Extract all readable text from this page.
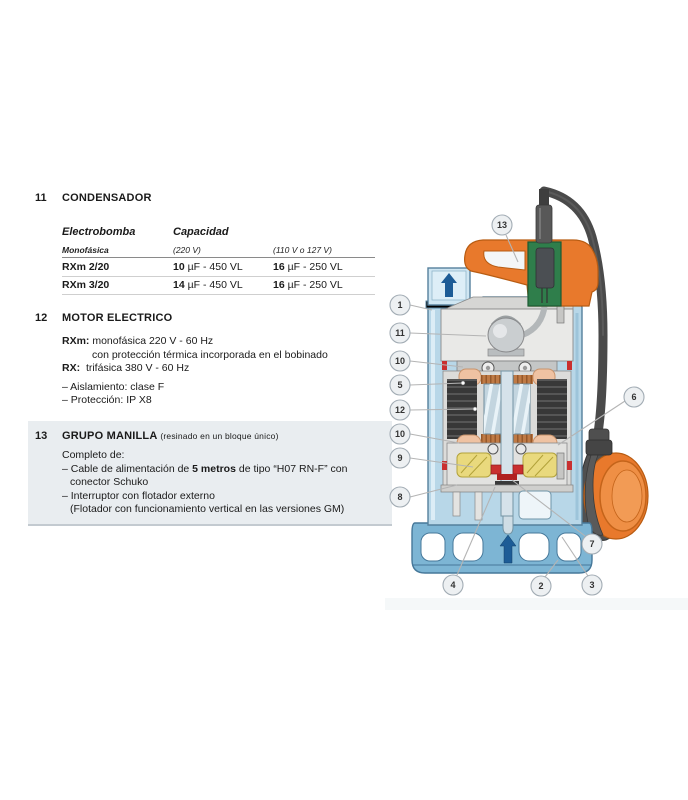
11 CONDENSADOR
Electrobomba	Capacidad
Monofásica	(220 V)	(110 V o 127 V)
RXm 2/20	10 µF - 450 VL	16 µF - 250 VL
RXm 3/20	14 µF - 450 VL	16 µF - 250 VL
12 MOTOR ELECTRICO
RXm: monofásica 220 V - 60 Hz
con protección térmica incorporada en el bobinado
RX: trifásica 380 V - 60 Hz
– Aislamiento: clase F
– Protección: IP X8
13 GRUPO MANILLA (resinado en un bloque único)
Completo de:
– Cable de alimentación de 5 metros de tipo “H07 RN-F” con
conector Schuko
– Interruptor con flotador externo
(Flotador con funcionamiento vertical en las versiones GM)
13
1
11
10
5
12
10
9
8
6
7
4	2	3
